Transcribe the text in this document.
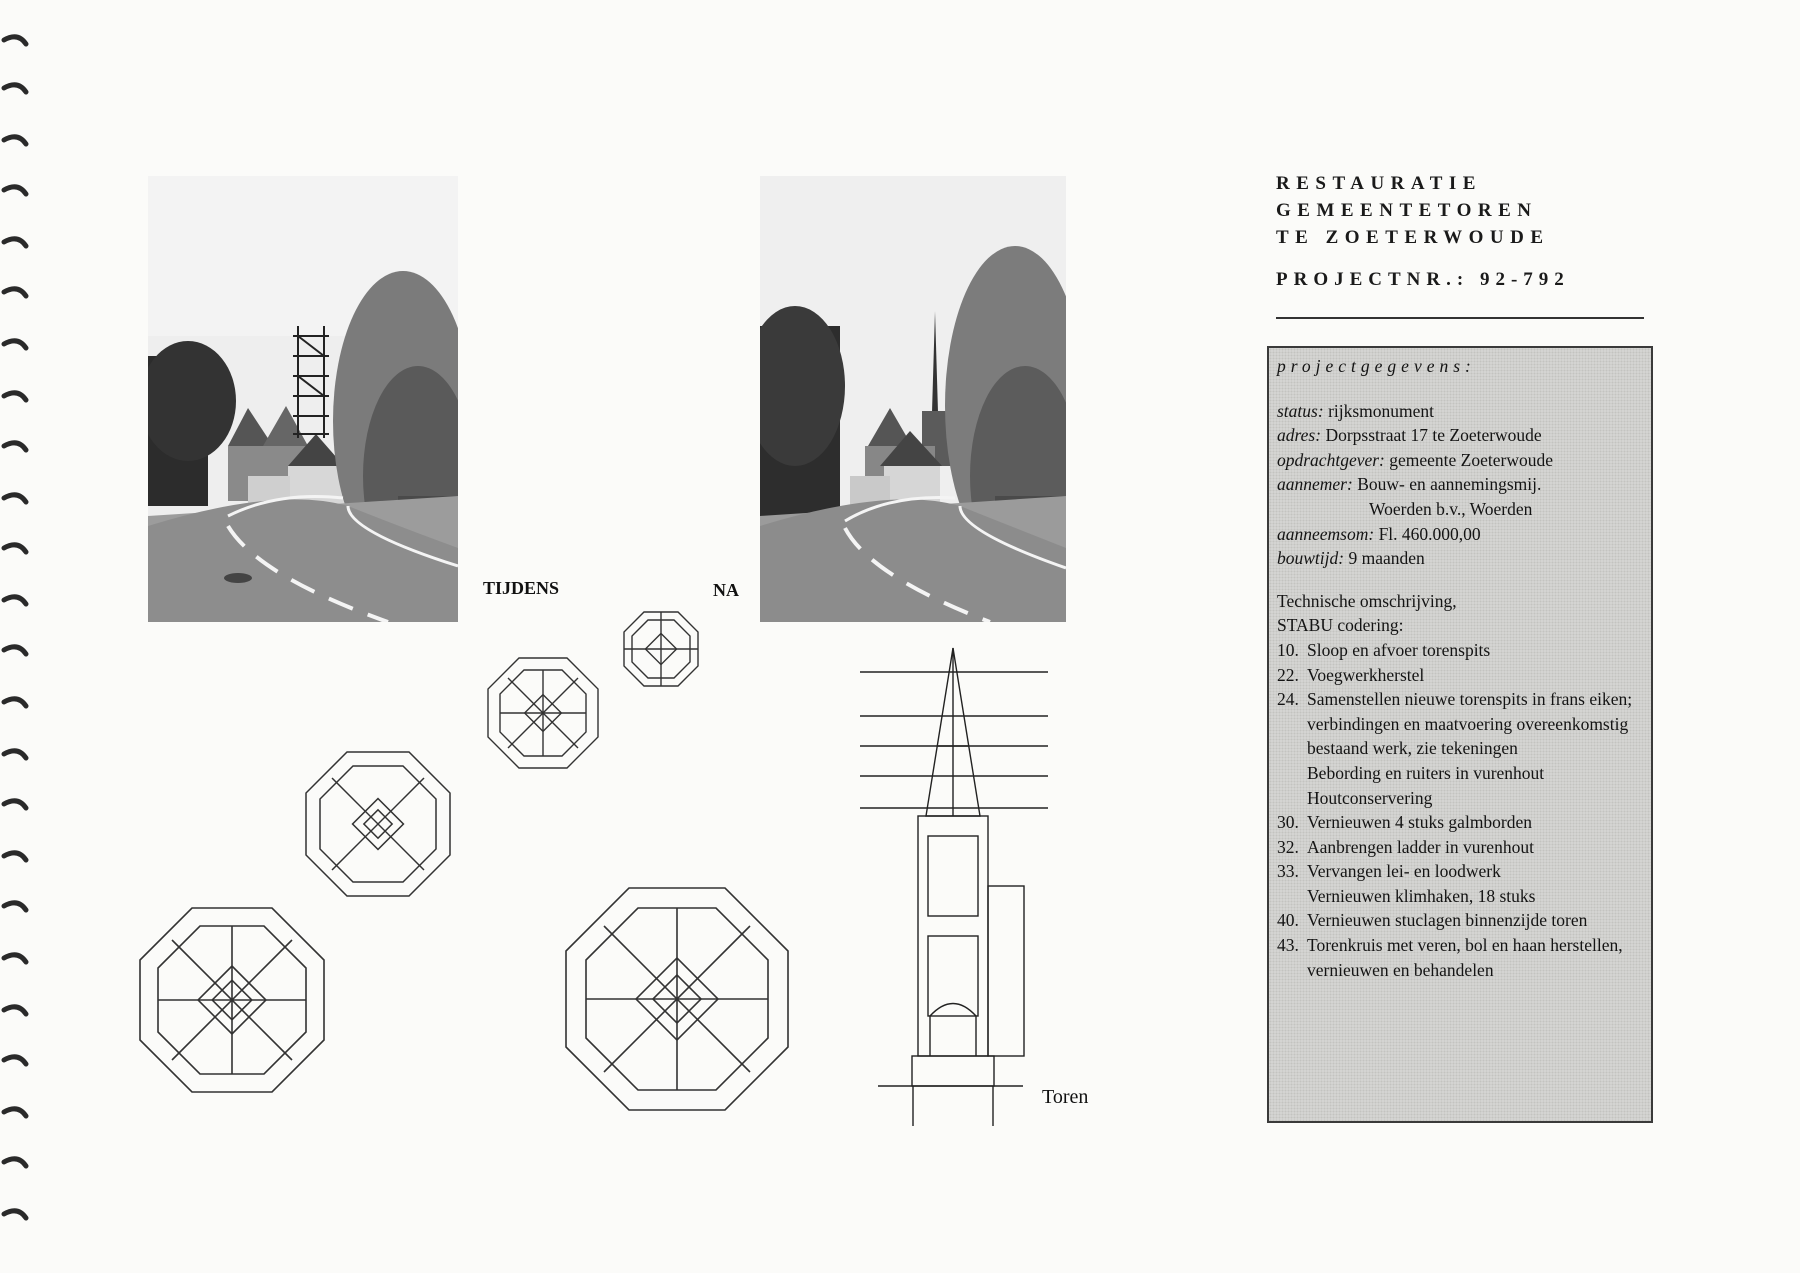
TIJDENS	NA
Toren
RESTAURATIE
GEMEENTETOREN
TE ZOETERWOUDE
PROJECTNR.: 92-792
projectgegevens:
status: rijksmonument
adres: Dorpsstraat 17 te Zoeterwoude
opdrachtgever: gemeente Zoeterwoude
aannemer: Bouw- en aannemingsmij.
Woerden b.v., Woerden
aanneemsom: Fl. 460.000,00
bouwtijd: 9 maanden
Technische omschrijving,
STABU codering:
10. Sloop en afvoer torenspits
22. Voegwerkherstel
24. Samenstellen nieuwe torenspits in frans eiken; verbindingen en maatvoering overeenkomstig bestaand werk, zie tekeningen
Bebording en ruiters in vurenhout
Houtconservering
30. Vernieuwen 4 stuks galmborden
32. Aanbrengen ladder in vurenhout
33. Vervangen lei- en loodwerk
Vernieuwen klimhaken, 18 stuks
40. Vernieuwen stuclagen binnenzijde toren
43. Torenkruis met veren, bol en haan herstellen, vernieuwen en behandelen
